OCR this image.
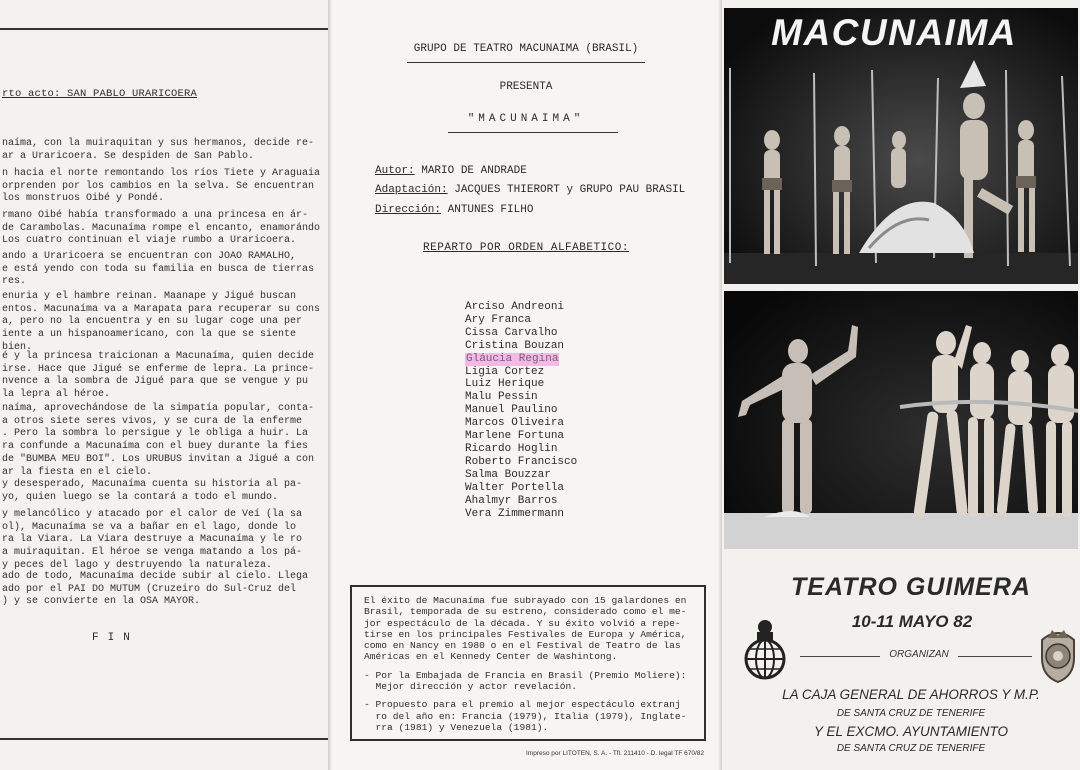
rto acto: SAN PABLO URARICOERA
naíma, con la muiraquitan y sus hermanos, decide re-
ar a Uraricoera. Se despiden de San Pablo.
n hacia el norte remontando los ríos Tiete y Araguaia
orprenden por los cambios en la selva. Se encuentran
los monstruos Oibé y Pondé.
rmano Oibé había transformado a una princesa en ár-
de Carambolas. Macunaíma rompe el encanto, enamorándo
Los cuatro continuan el viaje rumbo a Uraricoera.
ando a Uraricoera se encuentran con JOAO RAMALHO,
e está yendo con toda su familia en busca de tierras
res.
enuria y el hambre reinan. Maanape y Jigué buscan
entos. Macunaíma va a Marapata para recuperar su cons
a, pero no la encuentra y en su lugar coge una per
iente a un hispanoamericano, con la que se siente
bien.
é y la princesa traicionan a Macunaíma, quien decide
irse. Hace que Jigué se enferme de lepra. La prince-
nvence a la sombra de Jigué para que se vengue y pu
la lepra al héroe.
naíma, aprovechándose de la simpatía popular, conta-
a otros siete seres vivos, y se cura de la enferme
. Pero la sombra lo persigue y le obliga a huir. La
ra confunde a Macunaíma con el buey durante la fies
de "BUMBA MEU BOI". Los URUBUS invitan a Jigué a con
ar la fiesta en el cielo.
y desesperado, Macunaíma cuenta su historia al pa-
yo, quien luego se la contará a todo el mundo.
y melancólico y atacado por el calor de Veí (la sa
ol), Macunaíma se va a bañar en el lago, donde lo
ra la Viara. La Viara destruye a Macunaíma y le ro
a muiraquitan. El héroe se venga matando a los pá-
y peces del lago y destruyendo la naturaleza.
ado de todo, Macunaíma decide subir al cielo. Llega
ado por el PAI DO MUTUM (Cruzeiro do Sul-Cruz del
) y se convierte en la OSA MAYOR.
FIN
GRUPO DE TEATRO MACUNAIMA (BRASIL)
PRESENTA
"MACUNAIMA"
Autor: MARIO DE ANDRADE
Adaptación: JACQUES THIERORT y GRUPO PAU BRASIL
Dirección: ANTUNES FILHO
REPARTO POR ORDEN ALFABETICO:
Arciso Andreoni
Ary Franca
Cissa Carvalho
Cristina Bouzan
Gláucia Regina
Ligia Cortez
Luiz Herique
Malu Pessin
Manuel Paulino
Marcos Oliveira
Marlene Fortuna
Ricardo Hoglin
Roberto Francisco
Salma Bouzzar
Walter Portella
Ahalmyr Barros
Vera Zimmermann
El éxito de Macunaíma fue subrayado con 15 galardones en
Brasil, temporada de su estreno, considerado como el me-
jor espectáculo de la década. Y su éxito volvió a repe-
tirse en los principales Festivales de Europa y América,
como en Nancy en 1980 o en el Festival de Teatro de las
Américas en el Kennedy Center de Washintong.
- Por la Embajada de Francia en Brasil (Premio Moliere):
Mejor dirección y actor revelación.
- Propuesto para el premio al mejor espectáculo extranj
ro del año en: Francia (1979), Italia (1979), Inglate-
rra (1981) y Venezuela (1981).
Impreso por LITOTEN, S. A. - Tfl. 211410 - D. legal TF 670/82
MACUNAIMA
TEATRO GUIMERA
10-11 MAYO 82
ORGANIZAN
LA CAJA GENERAL DE AHORROS Y M.P.
DE SANTA CRUZ DE TENERIFE
Y EL EXCMO. AYUNTAMIENTO
DE SANTA CRUZ DE TENERIFE
